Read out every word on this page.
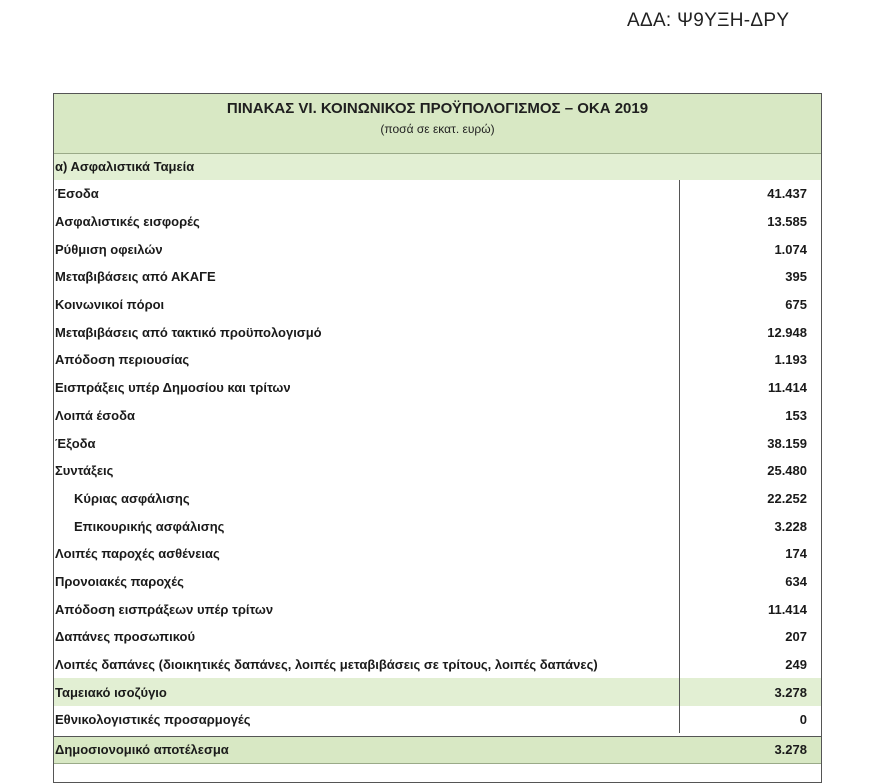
ΑΔΑ: Ψ9ΥΞΗ-ΔΡΥ
ΠΙΝΑΚΑΣ VI. ΚΟΙΝΩΝΙΚΟΣ ΠΡΟΫΠΟΛΟΓΙΣΜΟΣ – ΟΚΑ 2019
(ποσά σε εκατ. ευρώ)
α) Ασφαλιστικά Ταμεία
Έσοδα	41.437
Ασφαλιστικές εισφορές	13.585
Ρύθμιση οφειλών	1.074
Μεταβιβάσεις από ΑΚΑΓΕ	395
Κοινωνικοί πόροι	675
Μεταβιβάσεις από τακτικό προϋπολογισμό	12.948
Απόδοση περιουσίας	1.193
Εισπράξεις υπέρ Δημοσίου και τρίτων	11.414
Λοιπά έσοδα	153
Έξοδα	38.159
Συντάξεις	25.480
Κύριας ασφάλισης	22.252
Επικουρικής ασφάλισης	3.228
Λοιπές παροχές ασθένειας	174
Προνοιακές παροχές	634
Απόδοση εισπράξεων υπέρ τρίτων	11.414
Δαπάνες προσωπικού	207
Λοιπές δαπάνες (διοικητικές δαπάνες, λοιπές μεταβιβάσεις σε τρίτους, λοιπές δαπάνες)	249
Ταμειακό ισοζύγιο	3.278
Εθνικολογιστικές προσαρμογές	0
Δημοσιονομικό αποτέλεσμα	3.278
